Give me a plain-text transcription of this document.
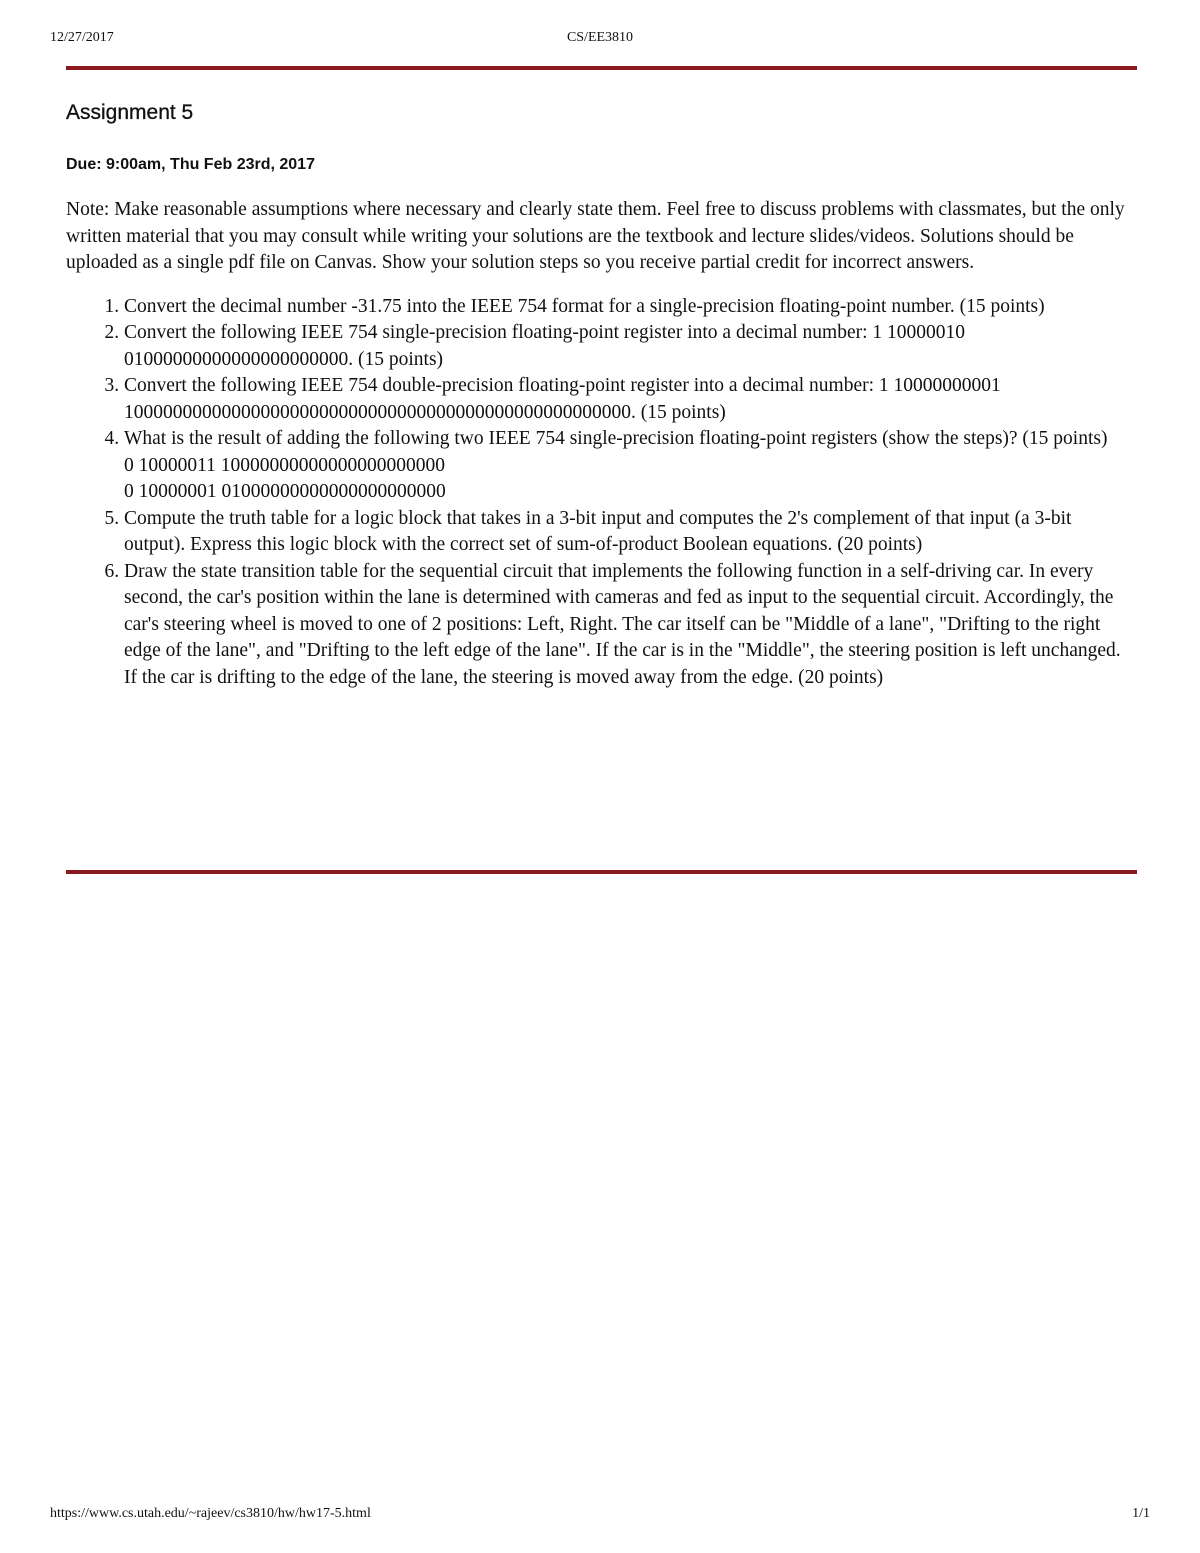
12/27/2017	CS/EE3810
Assignment 5

Due: 9:00am, Thu Feb 23rd, 2017

Note: Make reasonable assumptions where necessary and clearly state them. Feel free to discuss problems with classmates, but the only written material that you may consult while writing your solutions are the textbook and lecture slides/videos. Solutions should be uploaded as a single pdf file on Canvas. Show your solution steps so you receive partial credit for incorrect answers.

1. Convert the decimal number -31.75 into the IEEE 754 format for a single-precision floating-point number. (15 points)
2. Convert the following IEEE 754 single-precision floating-point register into a decimal number: 1 10000010 01000000000000000000000. (15 points)
3. Convert the following IEEE 754 double-precision floating-point register into a decimal number: 1 10000000001 1000000000000000000000000000000000000000000000000000. (15 points)
4. What is the result of adding the following two IEEE 754 single-precision floating-point registers (show the steps)? (15 points)
0 10000011 10000000000000000000000
0 10000001 01000000000000000000000
5. Compute the truth table for a logic block that takes in a 3-bit input and computes the 2's complement of that input (a 3-bit output). Express this logic block with the correct set of sum-of-product Boolean equations. (20 points)
6. Draw the state transition table for the sequential circuit that implements the following function in a self-driving car. In every second, the car's position within the lane is determined with cameras and fed as input to the sequential circuit. Accordingly, the car's steering wheel is moved to one of 2 positions: Left, Right. The car itself can be "Middle of a lane", "Drifting to the right edge of the lane", and "Drifting to the left edge of the lane". If the car is in the "Middle", the steering position is left unchanged. If the car is drifting to the edge of the lane, the steering is moved away from the edge. (20 points)
https://www.cs.utah.edu/~rajeev/cs3810/hw/hw17-5.html	1/1
